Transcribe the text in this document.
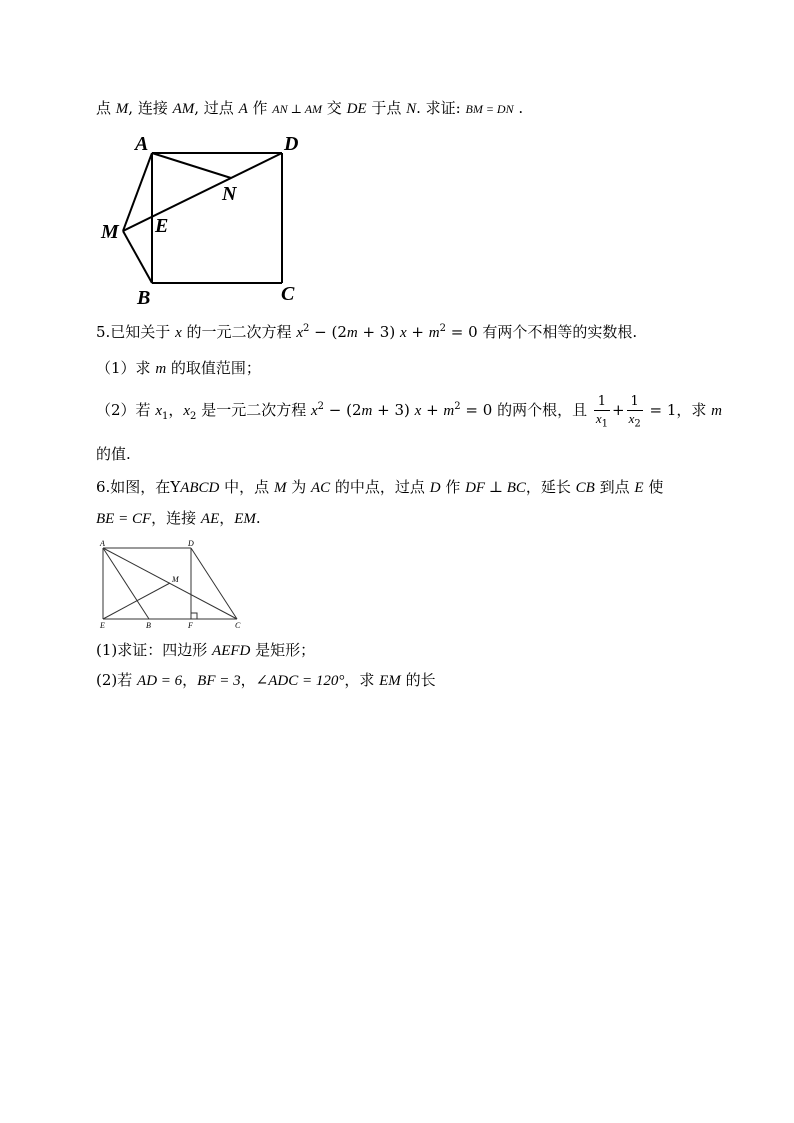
点 M, 连接 AM, 过点 A 作 AN ⊥ AM 交 DE 于点 N. 求证: BM = DN .
A	D
N
M E
B	C
5.已知关于 x 的一元二次方程 $x^2 - (2m + 3) x + m^2 = 0$ 有两个不相等的实数根.
（1）求 m 的取值范围；
（2）若 $x_1$，$x_2$ 是一元二次方程 $x^2 - (2m + 3) x + m^2 = 0$ 的两个根，且 $\frac{1}{x_1} + \frac{1}{x_2} = 1$，求 m
的值.
6.如图，在YABCD 中，点 M 为 AC 的中点，过点 D 作 DF ⊥ BC，延长 CB 到点 E 使
BE = CF，连接 AE，EM.
A	D
M
E	B	F	C
(1)求证：四边形 AEFD 是矩形；
(2)若 AD = 6，BF = 3，∠ADC = 120°，求 EM 的长
